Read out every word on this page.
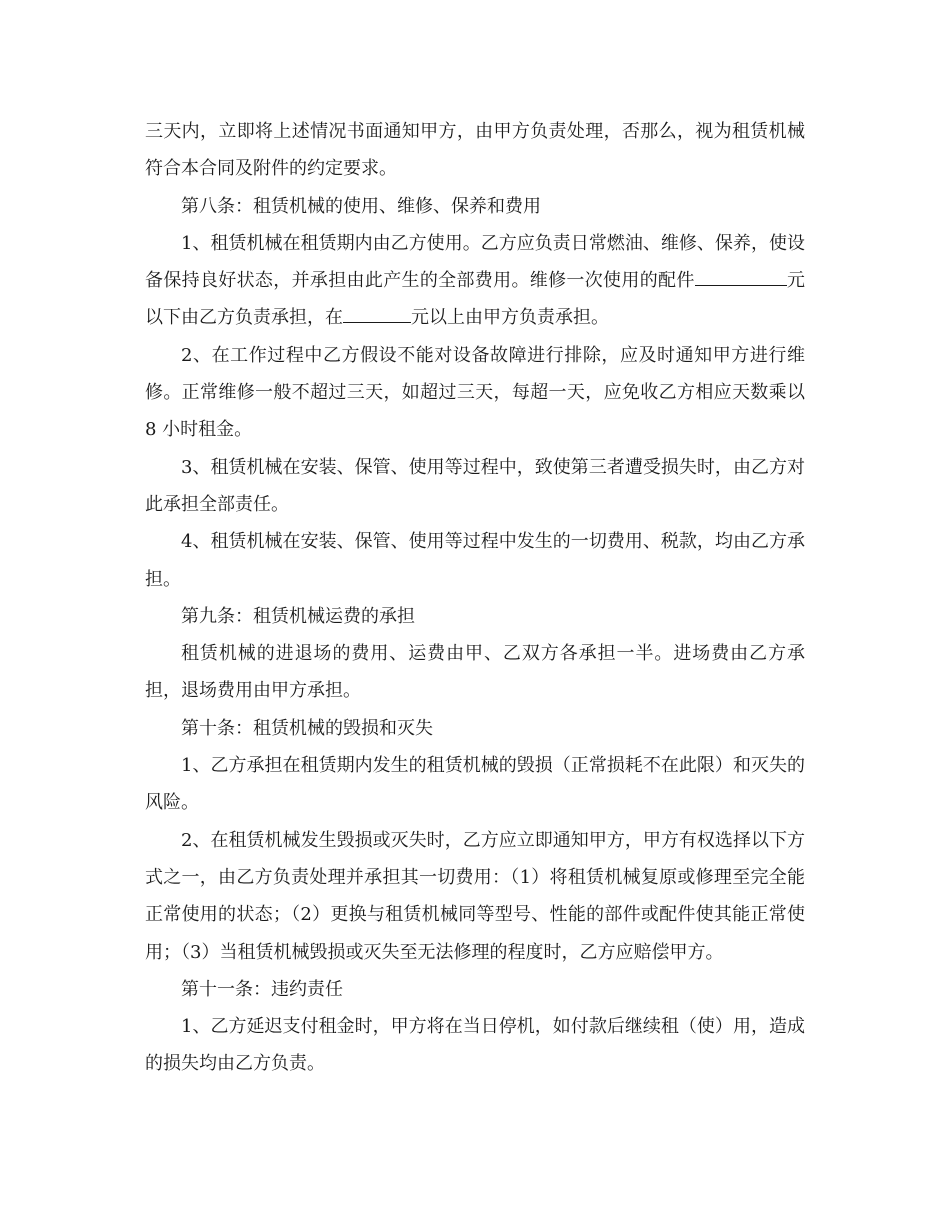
三天内，立即将上述情况书面通知甲方，由甲方负责处理，否那么，视为租赁机械符合本合同及附件的约定要求。

第八条：租赁机械的使用、维修、保养和费用

1、租赁机械在租赁期内由乙方使用。乙方应负责日常燃油、维修、保养，使设备保持良好状态，并承担由此产生的全部费用。维修一次使用的配件	元以下由乙方负责承担，在	元以上由甲方负责承担。

2、在工作过程中乙方假设不能对设备故障进行排除，应及时通知甲方进行维修。正常维修一般不超过三天，如超过三天，每超一天，应免收乙方相应天数乘以 8 小时租金。

3、租赁机械在安装、保管、使用等过程中，致使第三者遭受损失时，由乙方对此承担全部责任。

4、租赁机械在安装、保管、使用等过程中发生的一切费用、税款，均由乙方承担。

第九条：租赁机械运费的承担

租赁机械的进退场的费用、运费由甲、乙双方各承担一半。进场费由乙方承担，退场费用由甲方承担。

第十条：租赁机械的毁损和灭失

1、乙方承担在租赁期内发生的租赁机械的毁损（正常损耗不在此限）和灭失的风险。

2、在租赁机械发生毁损或灭失时，乙方应立即通知甲方，甲方有权选择以下方式之一，由乙方负责处理并承担其一切费用：（1）将租赁机械复原或修理至完全能正常使用的状态；（2）更换与租赁机械同等型号、性能的部件或配件使其能正常使用；（3）当租赁机械毁损或灭失至无法修理的程度时，乙方应赔偿甲方。

第十一条：违约责任

1、乙方延迟支付租金时，甲方将在当日停机，如付款后继续租（使）用，造成的损失均由乙方负责。
